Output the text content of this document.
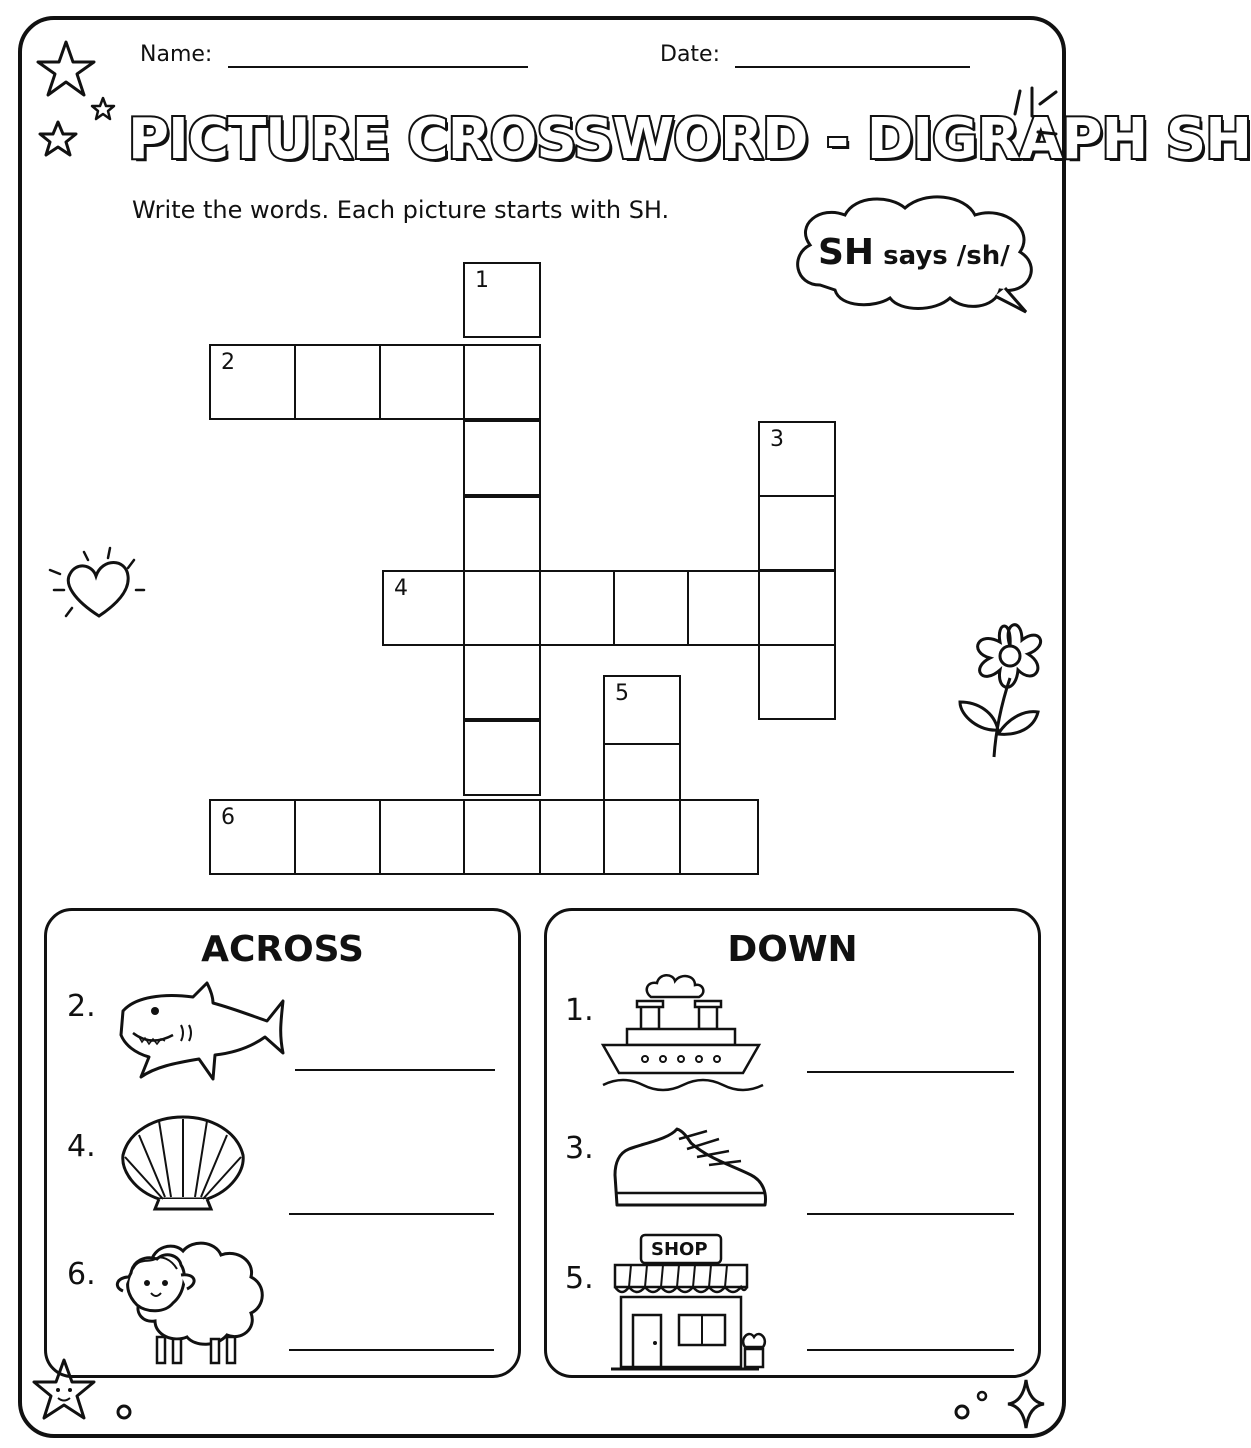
Name:	Date:
PICTURE CROSSWORD - DIGRAPH SH
Write the words. Each picture starts with SH.
SH says /sh/
1
2
3
4
5
6
ACROSS
2.
4.
6.
DOWN
1.
3.
5.
SHOP
